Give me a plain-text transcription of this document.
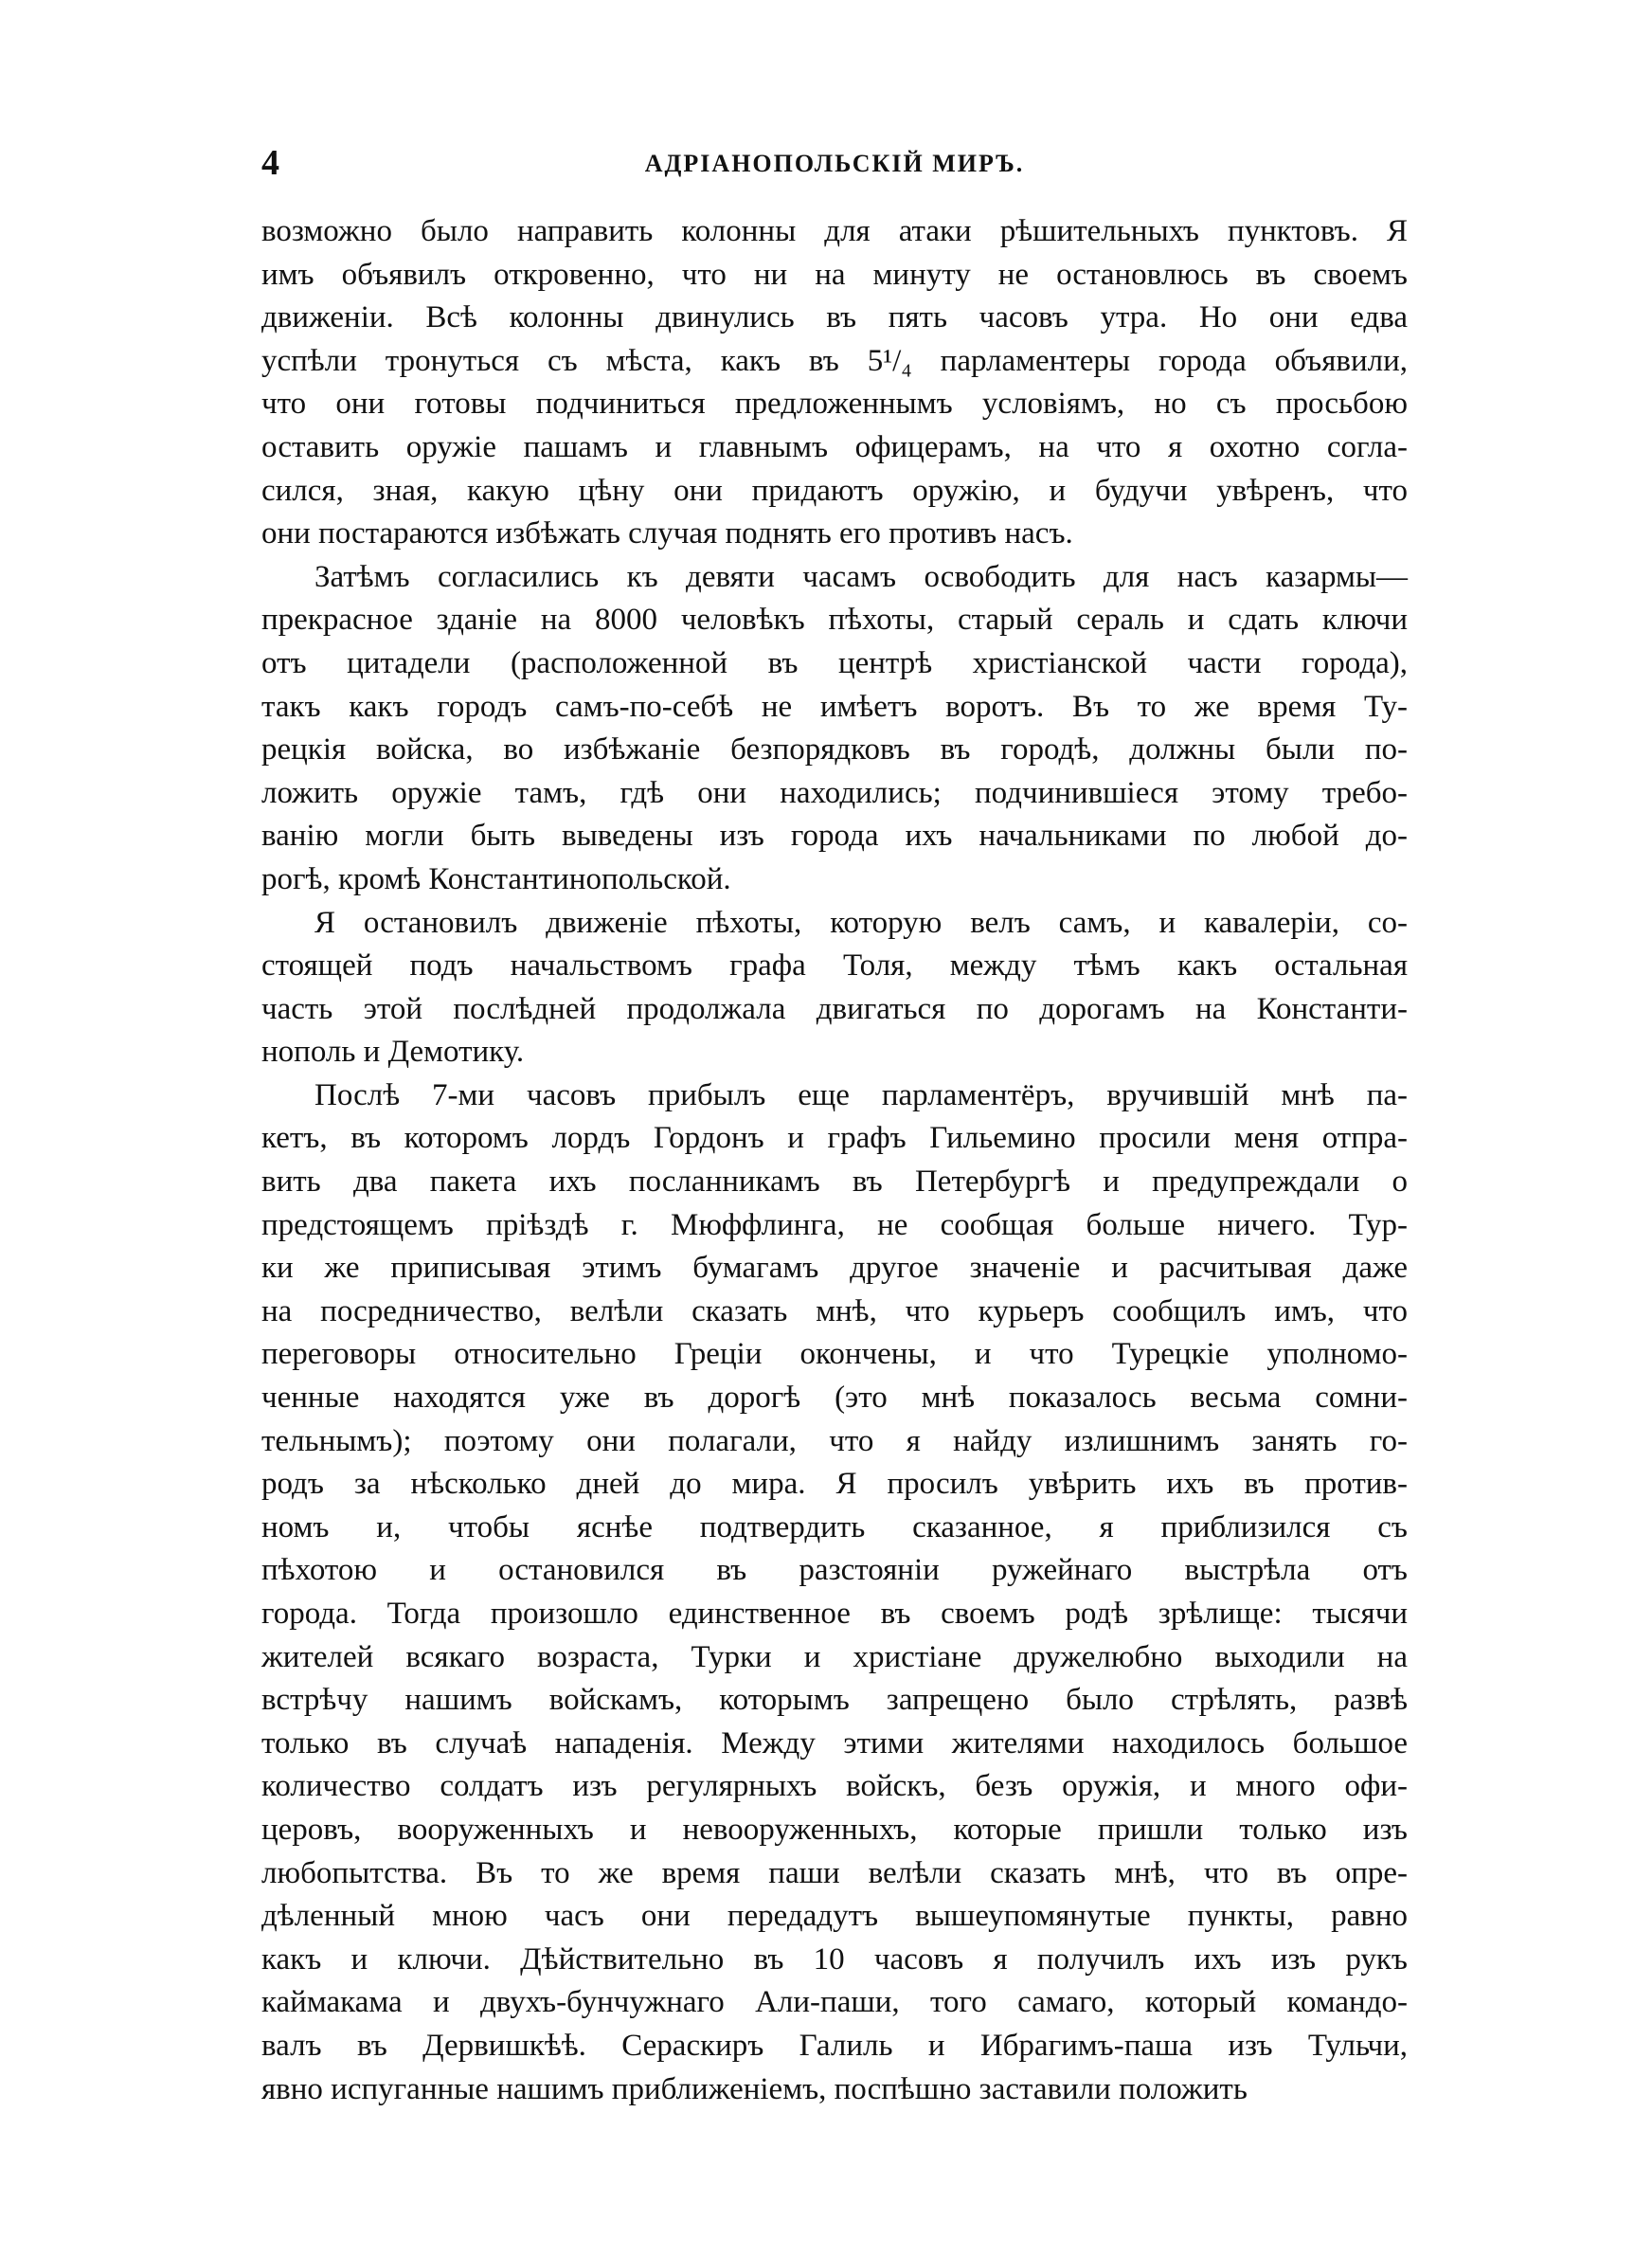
4	АДРIАНОПОЛЬСКIЙ МИРЪ.
возможно было направить колонны для атаки рѣшительныхъ пунктовъ. Я
имъ объявилъ откровенно, что ни на минуту не остановлюсь въ своемъ
движенiи. Всѣ колонны двинулись въ пять часовъ утра. Но они едва
успѣли тронуться съ мѣста, какъ въ 5¹/₄ парламентеры города объявили,
что они готовы подчиниться предложеннымъ условiямъ, но съ просьбою
оставить оружiе пашамъ и главнымъ офицерамъ, на что я охотно согла-
сился, зная, какую цѣну они придаютъ оружiю, и будучи увѣренъ, что
они постараются избѣжать случая поднять его противъ насъ.
Затѣмъ согласились къ девяти часамъ освободить для насъ казармы—
прекрасное зданiе на 8000 человѣкъ пѣхоты, старый сераль и сдать ключи
отъ цитадели (расположенной въ центрѣ христiанской части города),
такъ какъ городъ самъ-по-себѣ не имѣетъ воротъ. Въ то же время Ту-
рецкiя войска, во избѣжанiе безпорядковъ въ городѣ, должны были по-
ложить оружiе тамъ, гдѣ они находились; подчинившiеся этому требо-
ванiю могли быть выведены изъ города ихъ начальниками по любой до-
рогѣ, кромѣ Константинопольской.
Я остановилъ движенiе пѣхоты, которую велъ самъ, и кавалерiи, со-
стоящей подъ начальствомъ графа Толя, между тѣмъ какъ остальная
часть этой послѣдней продолжала двигаться по дорогамъ на Константи-
нополь и Демотику.
Послѣ 7-ми часовъ прибылъ еще парламентёръ, вручившiй мнѣ па-
кетъ, въ которомъ лордъ Гордонъ и графъ Гильемино просили меня отпра-
вить два пакета ихъ посланникамъ въ Петербургѣ и предупреждали о
предстоящемъ прiѣздѣ г. Мюффлинга, не сообщая больше ничего. Тур-
ки же приписывая этимъ бумагамъ другое значенiе и расчитывая даже
на посредничество, велѣли сказать мнѣ, что курьеръ сообщилъ имъ, что
переговоры относительно Грецiи окончены, и что Турецкiе уполномо-
ченные находятся уже въ дорогѣ (это мнѣ показалось весьма сомни-
тельнымъ); поэтому они полагали, что я найду излишнимъ занять го-
родъ за нѣсколько дней до мира. Я просилъ увѣрить ихъ въ против-
номъ и, чтобы яснѣе подтвердить сказанное, я приблизился съ
пѣхотою и остановился въ разстоянiи ружейнаго выстрѣла отъ
города. Тогда произошло единственное въ своемъ родѣ зрѣлище: тысячи
жителей всякаго возраста, Турки и христiане дружелюбно выходили на
встрѣчу нашимъ войскамъ, которымъ запрещено было стрѣлять, развѣ
только въ случаѣ нападенiя. Между этими жителями находилось большое
количество солдатъ изъ регулярныхъ войскъ, безъ оружiя, и много офи-
церовъ, вооруженныхъ и невооруженныхъ, которые пришли только изъ
любопытства. Въ то же время паши велѣли сказать мнѣ, что въ опре-
дѣленный мною часъ они передадутъ вышеупомянутые пункты, равно
какъ и ключи. Дѣйствительно въ 10 часовъ я получилъ ихъ изъ рукъ
каймакама и двухъ-бунчужнаго Али-паши, того самаго, который командо-
валъ въ Дервишкѣѣ. Сераскиръ Галиль и Ибрагимъ-паша изъ Тульчи,
явно испуганные нашимъ приближенiемъ, поспѣшно заставили положить
